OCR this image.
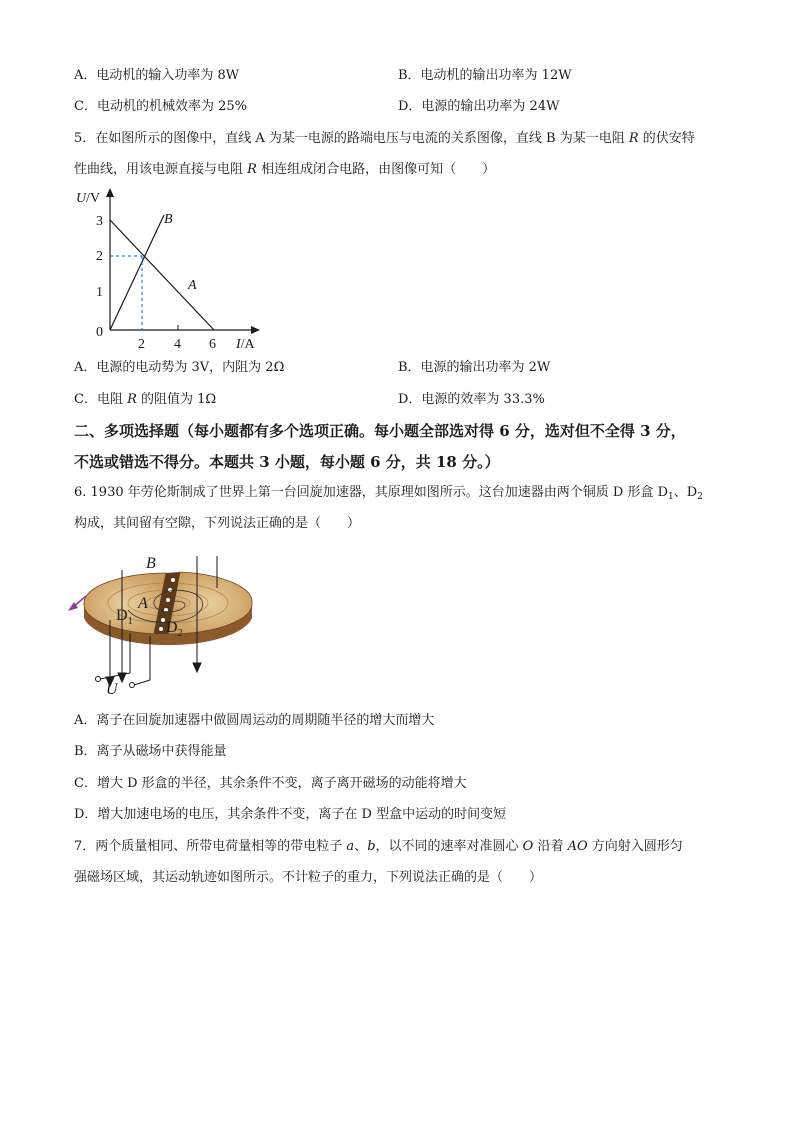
A．电动机的输入功率为 8W	B．电动机的输出功率为 12W
C．电动机的机械效率为 25%	D．电源的输出功率为 24W
5．在如图所示的图像中，直线 A 为某一电源的路端电压与电流的关系图像，直线 B 为某一电阻 R 的伏安特
性曲线，用该电源直接与电阻 R 相连组成闭合电路，由图像可知（　　）
U/V
I/A
3
2
1
0
2 4 6
A
B
A．电源的电动势为 3V，内阻为 2Ω	B．电源的输出功率为 2W
C．电阻 R 的阻值为 1Ω	D．电源的效率为 33.3%
二、多项选择题（每小题都有多个选项正确。每小题全部选对得 6 分，选对但不全得 3 分，
不选或错选不得分。本题共 3 小题，每小题 6 分，共 18 分。）
6. 1930 年劳伦斯制成了世界上第一台回旋加速器，其原理如图所示。这台加速器由两个铜质 D 形盒 $D_1$、$D_2$
构成，其间留有空隙，下列说法正确的是（　　）
B
A
$D_1$ $D_2$
U
A．离子在回旋加速器中做圆周运动的周期随半径的增大而增大
B．离子从磁场中获得能量
C．增大 D 形盒的半径，其余条件不变，离子离开磁场的动能将增大
D．增大加速电场的电压，其余条件不变，离子在 D 型盒中运动的时间变短
7．两个质量相同、所带电荷量相等的带电粒子 a、b，以不同的速率对准圆心 O 沿着 AO 方向射入圆形匀
强磁场区域，其运动轨迹如图所示。不计粒子的重力，下列说法正确的是（　　）
